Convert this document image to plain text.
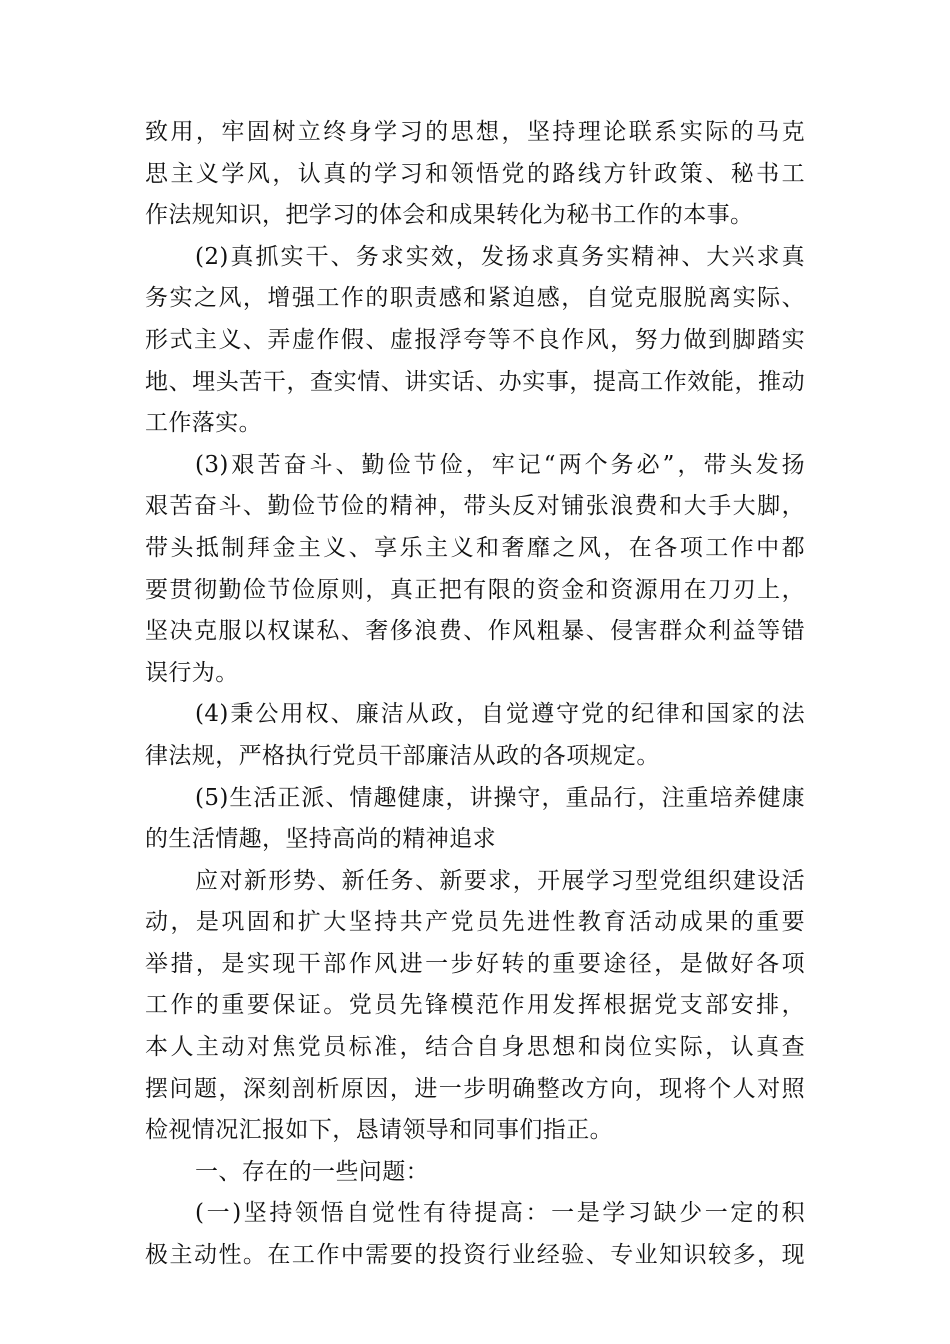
致用，牢固树立终身学习的思想，坚持理论联系实际的马克
思主义学风，认真的学习和领悟党的路线方针政策、秘书工
作法规知识，把学习的体会和成果转化为秘书工作的本事。
(2)真抓实干、务求实效，发扬求真务实精神、大兴求真
务实之风，增强工作的职责感和紧迫感，自觉克服脱离实际、
形式主义、弄虚作假、虚报浮夸等不良作风，努力做到脚踏实
地、埋头苦干，查实情、讲实话、办实事，提高工作效能，推动
工作落实。
(3)艰苦奋斗、勤俭节俭，牢记“两个务必”，带头发扬
艰苦奋斗、勤俭节俭的精神，带头反对铺张浪费和大手大脚，
带头抵制拜金主义、享乐主义和奢靡之风，在各项工作中都
要贯彻勤俭节俭原则，真正把有限的资金和资源用在刀刃上，
坚决克服以权谋私、奢侈浪费、作风粗暴、侵害群众利益等错
误行为。
(4)秉公用权、廉洁从政，自觉遵守党的纪律和国家的法
律法规，严格执行党员干部廉洁从政的各项规定。
(5)生活正派、情趣健康，讲操守，重品行，注重培养健康
的生活情趣，坚持高尚的精神追求
应对新形势、新任务、新要求，开展学习型党组织建设活
动，是巩固和扩大坚持共产党员先进性教育活动成果的重要
举措，是实现干部作风进一步好转的重要途径，是做好各项
工作的重要保证。党员先锋模范作用发挥根据党支部安排，
本人主动对焦党员标准，结合自身思想和岗位实际，认真查
摆问题，深刻剖析原因，进一步明确整改方向，现将个人对照
检视情况汇报如下，恳请领导和同事们指正。
一、存在的一些问题：
(一)坚持领悟自觉性有待提高：一是学习缺少一定的积
极主动性。在工作中需要的投资行业经验、专业知识较多，现
